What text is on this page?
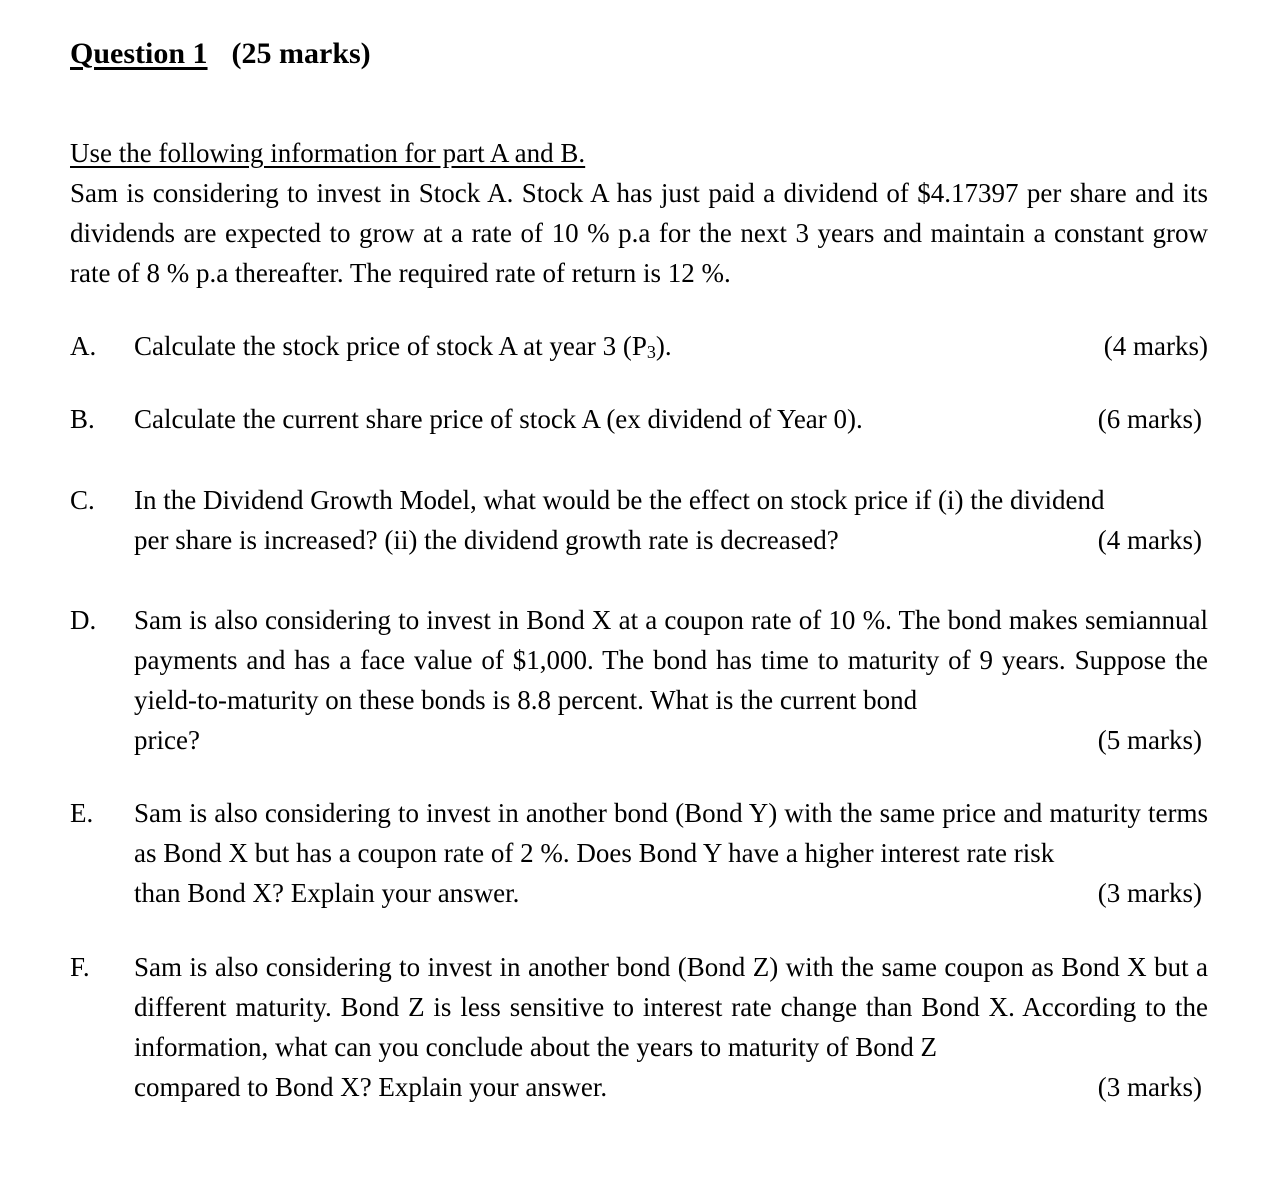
Question 1 (25 marks)
Use the following information for part A and B.
Sam is considering to invest in Stock A. Stock A has just paid a dividend of $4.17397 per share and its dividends are expected to grow at a rate of 10 % p.a for the next 3 years and maintain a constant grow rate of 8 % p.a thereafter. The required rate of return is 12 %.
A.	Calculate the stock price of stock A at year 3 (P3).	(4 marks)
B.	Calculate the current share price of stock A (ex dividend of Year 0).	(6 marks)
C.	In the Dividend Growth Model, what would be the effect on stock price if (i) the dividend
per share is increased? (ii) the dividend growth rate is decreased?	(4 marks)
D.	Sam is also considering to invest in Bond X at a coupon rate of 10 %. The bond makes semiannual payments and has a face value of $1,000. The bond has time to maturity of 9 years. Suppose the yield-to-maturity on these bonds is 8.8 percent. What is the current bond
price?	(5 marks)
E.	Sam is also considering to invest in another bond (Bond Y) with the same price and maturity terms as Bond X but has a coupon rate of 2 %. Does Bond Y have a higher interest rate risk
than Bond X? Explain your answer.	(3 marks)
F.	Sam is also considering to invest in another bond (Bond Z) with the same coupon as Bond X but a different maturity. Bond Z is less sensitive to interest rate change than Bond X. According to the information, what can you conclude about the years to maturity of Bond Z
compared to Bond X? Explain your answer.	(3 marks)
